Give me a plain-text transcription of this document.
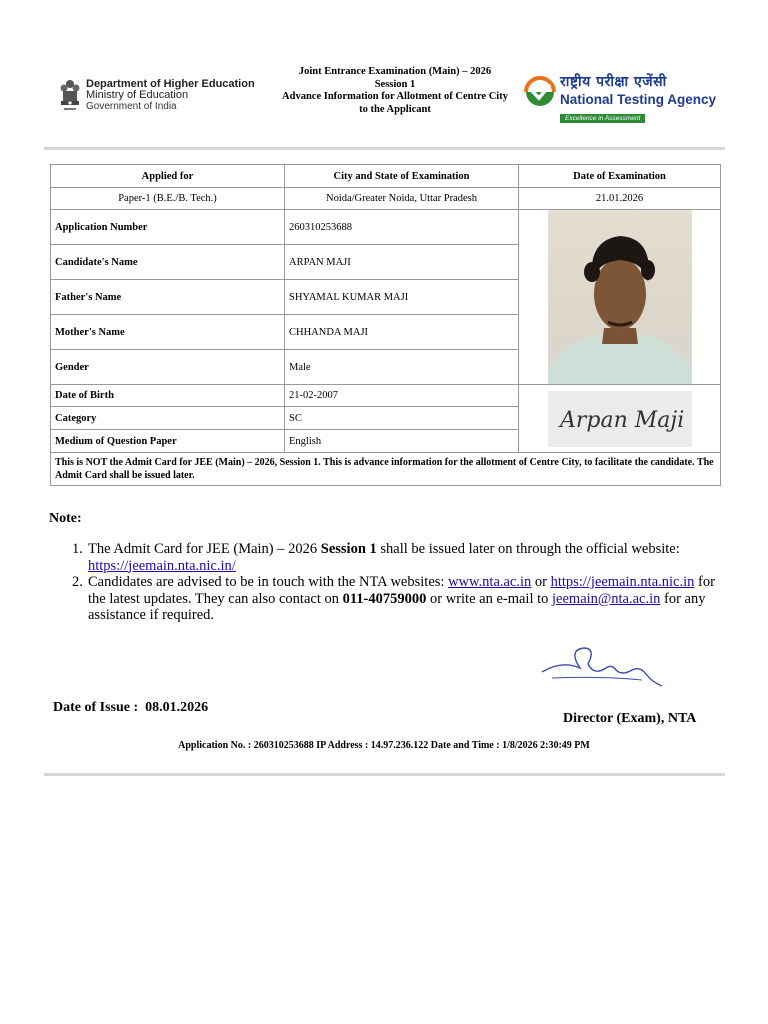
Department of Higher Education
Ministry of Education
Government of India
Joint Entrance Examination (Main) – 2026
Session 1
Advance Information for Allotment of Centre City
to the Applicant
राष्ट्रीय परीक्षा एजेंसी
National Testing Agency
Excellence in Assessment
Applied for	City and State of Examination	Date of Examination
Paper-1 (B.E./B. Tech.)	Noida/Greater Noida, Uttar Pradesh	21.01.2026
Application Number	260310253688	

Candidate's Name	ARPAN MAJI	
Father's Name	SHYAMAL KUMAR MAJI	
Mother's Name	CHHANDA MAJI	
Gender	Male	
Date of Birth	21-02-2007	Arpan Maji

Category	SC	
Medium of Question Paper	English	
This is NOT the Admit Card for JEE (Main) – 2026, Session 1. This is advance information for the allotment of Centre City, to facilitate the candidate. The Admit Card shall be issued later.		
Note:
1. The Admit Card for JEE (Main) – 2026 Session 1 shall be issued later on through the official website: https://jeemain.nta.nic.in/
2. Candidates are advised to be in touch with the NTA websites: www.nta.ac.in or https://jeemain.nta.nic.in for the latest updates. They can also contact on 011-40759000 or write an e-mail to jeemain@nta.ac.in for any assistance if required.
Date of Issue : 08.01.2026
Director (Exam), NTA
Application No. : 260310253688 IP Address : 14.97.236.122 Date and Time : 1/8/2026 2:30:49 PM
